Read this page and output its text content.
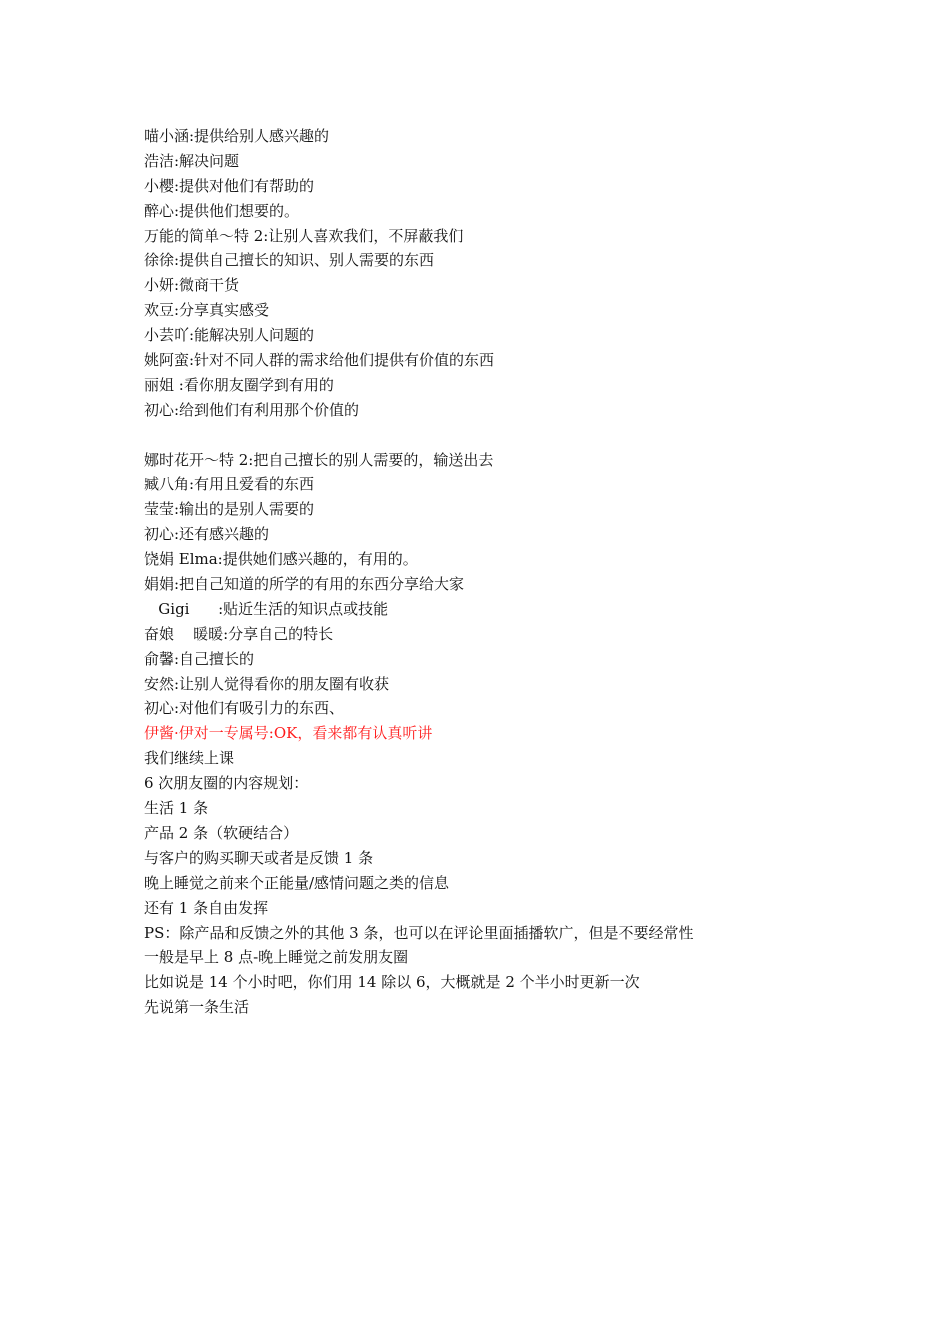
喵小涵:提供给别人感兴趣的
浩洁:解决问题
小樱:提供对他们有帮助的
醉心:提供他们想要的。
万能的简单～特 2:让别人喜欢我们，不屏蔽我们
徐徐:提供自己擅长的知识、别人需要的东西
小妍:微商干货
欢豆:分享真实感受
小芸吖:能解决别人问题的
姚阿蛮:针对不同人群的需求给他们提供有价值的东西
丽姐 :看你朋友圈学到有用的
初心:给到他们有利用那个价值的
娜时花开～特 2:把自己擅长的别人需要的，输送出去
臧八角:有用且爱看的东西
莹莹:输出的是别人需要的
初心:还有感兴趣的
饶娟 Elma:提供她们感兴趣的，有用的。
娟娟:把自己知道的所学的有用的东西分享给大家
Gigi      :贴近生活的知识点或技能
奋娘    暖暖:分享自己的特长
俞馨:自己擅长的
安然:让别人觉得看你的朋友圈有收获
初心:对他们有吸引力的东西、
伊酱·伊对一专属号:OK，看来都有认真听讲
我们继续上课
6 次朋友圈的内容规划：
生活 1 条
产品 2 条（软硬结合）
与客户的购买聊天或者是反馈 1 条
晚上睡觉之前来个正能量/感情问题之类的信息
还有 1 条自由发挥
PS：除产品和反馈之外的其他 3 条，也可以在评论里面插播软广，但是不要经常性
一般是早上 8 点-晚上睡觉之前发朋友圈
比如说是 14 个小时吧，你们用 14 除以 6，大概就是 2 个半小时更新一次
先说第一条生活
